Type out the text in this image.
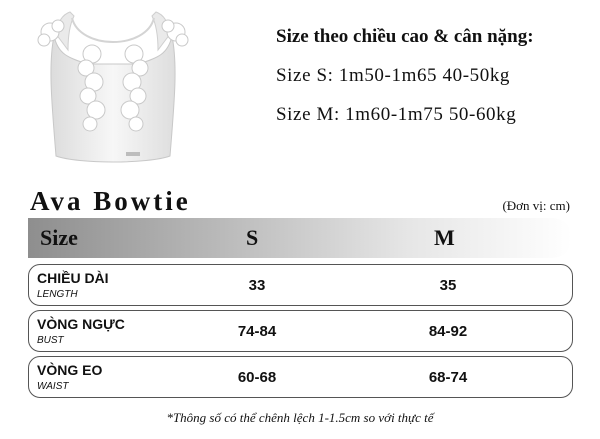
Size theo chiều cao & cân nặng:

Size S: 1m50-1m65 40-50kg
Size M: 1m60-1m75 50-60kg
Ava Bowtie	(Đơn vị: cm)
Size	S	M
CHIỀU DÀI
LENGTH
33	35
VÒNG NGỰC
BUST
74-84	84-92
VÒNG EO
WAIST
60-68	68-74
*Thông số có thể chênh lệch 1-1.5cm so với thực tế
